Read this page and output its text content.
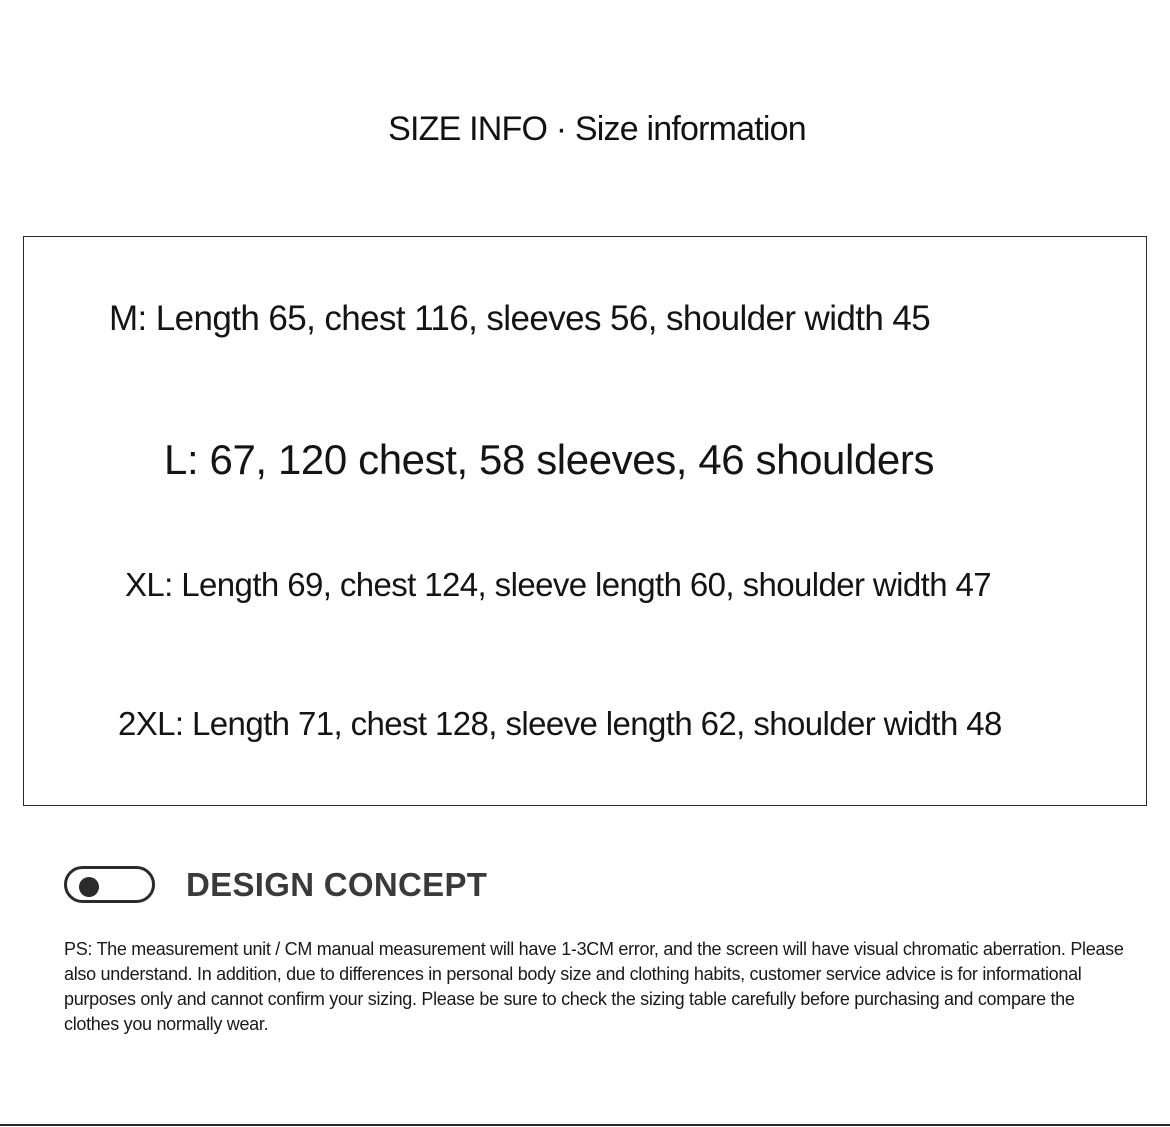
SIZE INFO · Size information
M: Length 65, chest 116, sleeves 56, shoulder width 45
L: 67, 120 chest, 58 sleeves, 46 shoulders
XL: Length 69, chest 124, sleeve length 60, shoulder width 47
2XL: Length 71, chest 128, sleeve length 62, shoulder width 48
DESIGN CONCEPT
PS: The measurement unit / CM manual measurement will have 1-3CM error, and the screen will have visual chromatic aberration. Please also understand. In addition, due to differences in personal body size and clothing habits, customer service advice is for informational purposes only and cannot confirm your sizing. Please be sure to check the sizing table carefully before purchasing and compare the clothes you normally wear.
